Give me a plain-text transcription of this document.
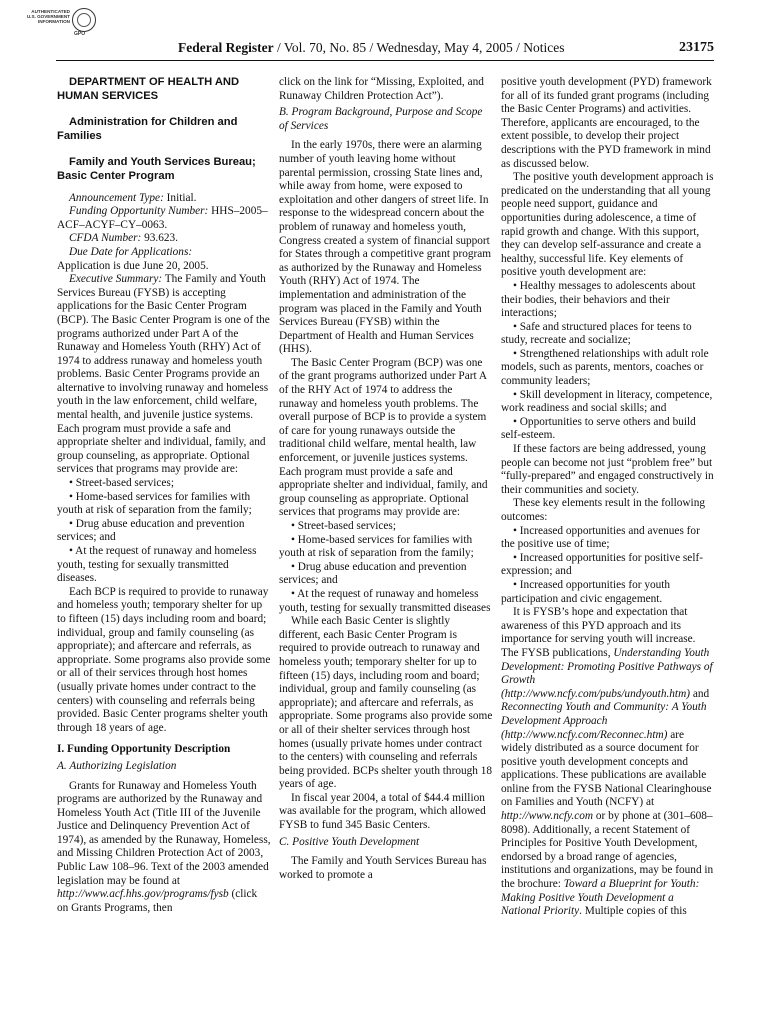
AUTHENTICATED
U.S. GOVERNMENT
INFORMATION
GPO
Federal Register / Vol. 70, No. 85 / Wednesday, May 4, 2005 / Notices	23175

DEPARTMENT OF HEALTH AND HUMAN SERVICES

Administration for Children and Families

Family and Youth Services Bureau; Basic Center Program

Announcement Type: Initial.

Funding Opportunity Number: HHS–2005–ACF–ACYF–CY–0063.

CFDA Number: 93.623.

Due Date for Applications:

Application is due June 20, 2005.

Executive Summary: The Family and Youth Services Bureau (FYSB) is accepting applications for the Basic Center Program (BCP). The Basic Center Program is one of the programs authorized under Part A of the Runaway and Homeless Youth (RHY) Act of 1974 to address runaway and homeless youth problems. Basic Center Programs provide an alternative to involving runaway and homeless youth in the law enforcement, child welfare, mental health, and juvenile justice systems. Each program must provide a safe and appropriate shelter and individual, family, and group counseling, as appropriate. Optional services that programs may provide are:

• Street-based services;

• Home-based services for families with youth at risk of separation from the family;

• Drug abuse education and prevention services; and

• At the request of runaway and homeless youth, testing for sexually transmitted diseases.

Each BCP is required to provide to runaway and homeless youth; temporary shelter for up to fifteen (15) days including room and board; individual, group and family counseling (as appropriate); and aftercare and referrals, as appropriate. Some programs also provide some or all of their services through host homes (usually private homes under contract to the centers) with counseling and referrals being provided. Basic Center programs shelter youth through 18 years of age.

I. Funding Opportunity Description

A. Authorizing Legislation

Grants for Runaway and Homeless Youth programs are authorized by the Runaway and Homeless Youth Act (Title III of the Juvenile Justice and Delinquency Prevention Act of 1974), as amended by the Runaway, Homeless, and Missing Children Protection Act of 2003, Public Law 108–96. Text of the 2003 amended legislation may be found at http://www.acf.hhs.gov/programs/fysb (click on Grants Programs, then

click on the link for “Missing, Exploited, and Runaway Children Protection Act”).

B. Program Background, Purpose and Scope of Services

In the early 1970s, there were an alarming number of youth leaving home without parental permission, crossing State lines and, while away from home, were exposed to exploitation and other dangers of street life. In response to the widespread concern about the problem of runaway and homeless youth, Congress created a system of financial support for States through a competitive grant program as authorized by the Runaway and Homeless Youth (RHY) Act of 1974. The implementation and administration of the program was placed in the Family and Youth Services Bureau (FYSB) within the Department of Health and Human Services (HHS).

The Basic Center Program (BCP) was one of the grant programs authorized under Part A of the RHY Act of 1974 to address the runaway and homeless youth problems. The overall purpose of BCP is to provide a system of care for young runaways outside the traditional child welfare, mental health, law enforcement, or juvenile justices systems. Each program must provide a safe and appropriate shelter and individual, family, and group counseling as appropriate. Optional services that programs may provide are:

• Street-based services;

• Home-based services for families with youth at risk of separation from the family;

• Drug abuse education and prevention services; and

• At the request of runaway and homeless youth, testing for sexually transmitted diseases

While each Basic Center is slightly different, each Basic Center Program is required to provide outreach to runaway and homeless youth; temporary shelter for up to fifteen (15) days, including room and board; individual, group and family counseling (as appropriate); and aftercare and referrals, as appropriate. Some programs also provide some or all of their shelter services through host homes (usually private homes under contract to the centers) with counseling and referrals being provided. BCPs shelter youth through 18 years of age.

In fiscal year 2004, a total of $44.4 million was available for the program, which allowed FYSB to fund 345 Basic Centers.

C. Positive Youth Development

The Family and Youth Services Bureau has worked to promote a

positive youth development (PYD) framework for all of its funded grant programs (including the Basic Center Programs) and activities. Therefore, applicants are encouraged, to the extent possible, to develop their project descriptions with the PYD framework in mind as discussed below.

The positive youth development approach is predicated on the understanding that all young people need support, guidance and opportunities during adolescence, a time of rapid growth and change. With this support, they can develop self-assurance and create a healthy, successful life. Key elements of positive youth development are:

• Healthy messages to adolescents about their bodies, their behaviors and their interactions;

• Safe and structured places for teens to study, recreate and socialize;

• Strengthened relationships with adult role models, such as parents, mentors, coaches or community leaders;

• Skill development in literacy, competence, work readiness and social skills; and

• Opportunities to serve others and build self-esteem.

If these factors are being addressed, young people can become not just “problem free” but “fully-prepared” and engaged constructively in their communities and society.

These key elements result in the following outcomes:

• Increased opportunities and avenues for the positive use of time;

• Increased opportunities for positive self-expression; and

• Increased opportunities for youth participation and civic engagement.

It is FYSB’s hope and expectation that awareness of this PYD approach and its importance for serving youth will increase. The FYSB publications, Understanding Youth Development: Promoting Positive Pathways of Growth (http://www.ncfy.com/pubs/undyouth.htm) and Reconnecting Youth and Community: A Youth Development Approach (http://www.ncfy.com/Reconnec.htm) are widely distributed as a source document for positive youth development concepts and applications. These publications are available online from the FYSB National Clearinghouse on Families and Youth (NCFY) at http://www.ncfy.com or by phone at (301–608–8098). Additionally, a recent Statement of Principles for Positive Youth Development, endorsed by a broad range of agencies, institutions and organizations, may be found in the brochure: Toward a Blueprint for Youth: Making Positive Youth Development a National Priority. Multiple copies of this
